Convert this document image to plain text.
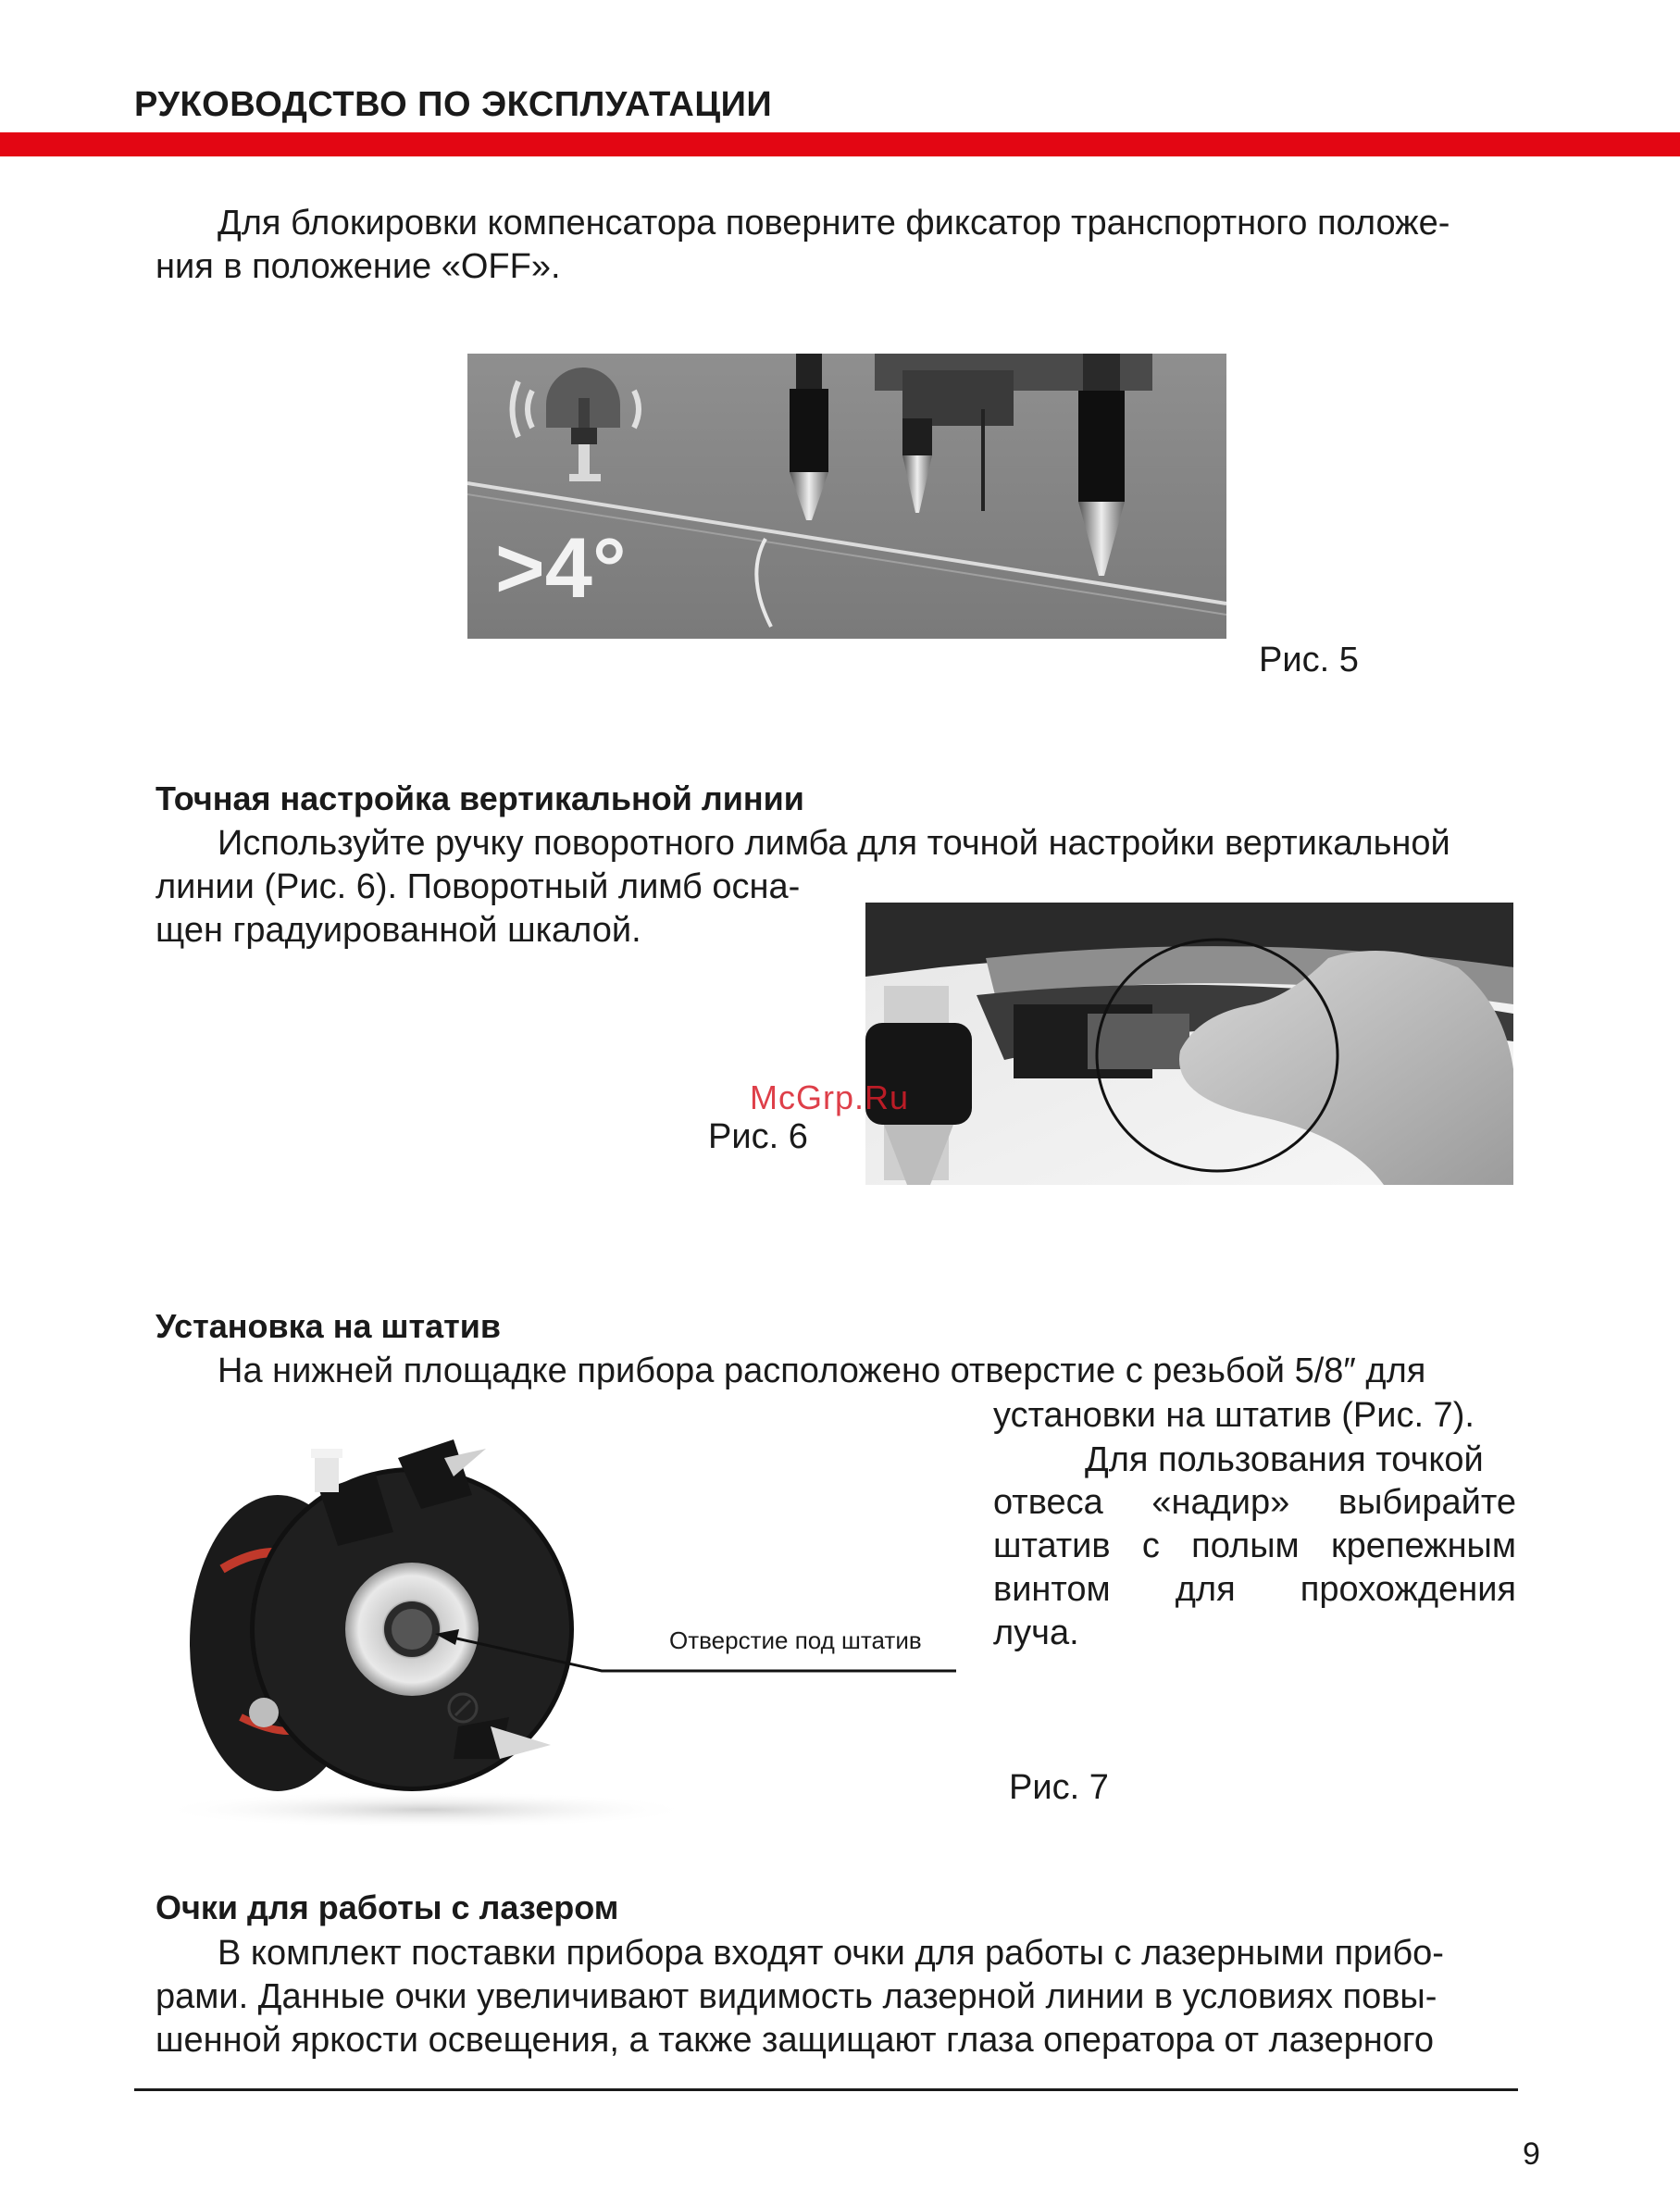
РУКОВОДСТВО ПО ЭКСПЛУАТАЦИИ
Для блокировки компенсатора поверните фиксатор транспортного положе-
ния в положение «OFF».
>4°
Рис. 5
Точная настройка вертикальной линии
Используйте ручку поворотного лимба для точной настройки вертикальной
линии (Рис. 6). Поворотный лимб осна-
щен градуированной шкалой.
McGrp.Ru
Рис. 6
Установка на штатив
На нижней площадке прибора расположено отверстие с резьбой 5/8″ для
установки на штатив (Рис. 7).
Для пользования точкой
отвеса «надир» выбирайте
штатив с полым крепежным
винтом для прохождения
луча.
Отверстие под штатив
Рис. 7
Очки для работы с лазером
В комплект поставки прибора входят очки для работы с лазерными прибо-
рами. Данные очки увеличивают видимость лазерной линии в условиях повы-
шенной яркости освещения, а также защищают глаза оператора от лазерного
9
